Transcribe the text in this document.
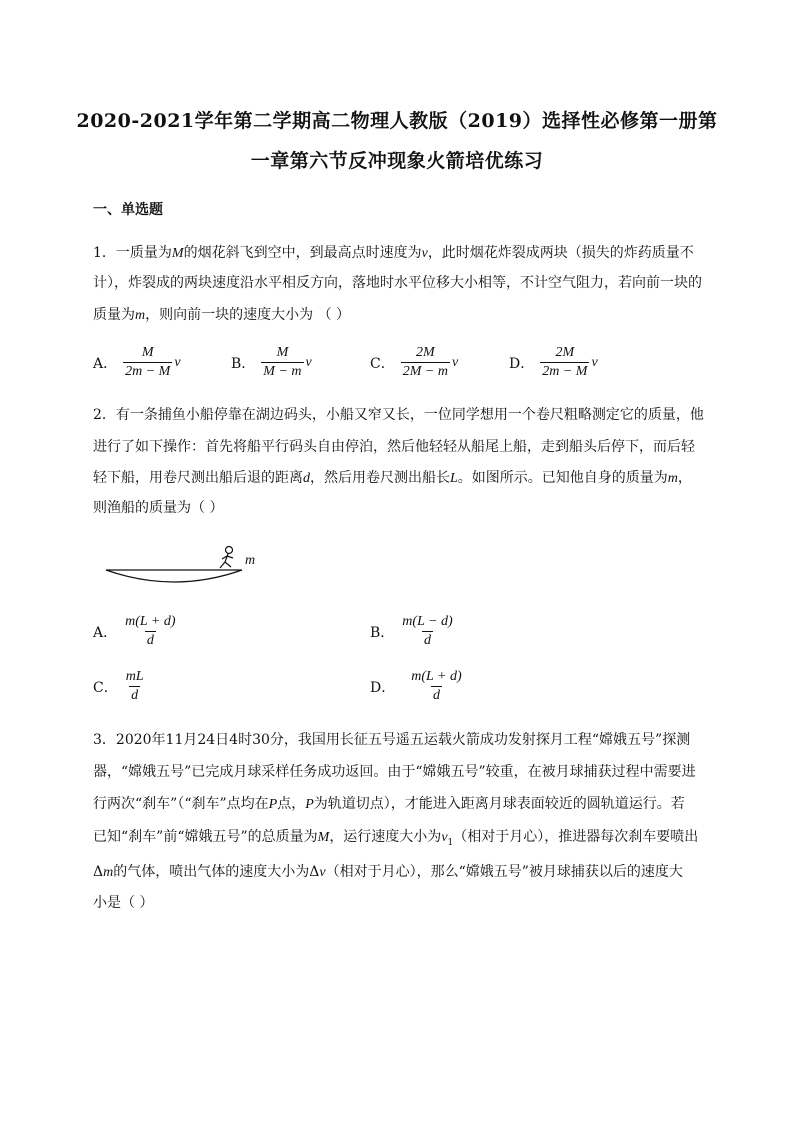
2020-2021学年第二学期高二物理人教版（2019）选择性必修第一册第
一章第六节反冲现象火箭培优练习
一、单选题
1．一质量为M的烟花斜飞到空中，到最高点时速度为v，此时烟花炸裂成两块（损失的炸药质量不
计），炸裂成的两块速度沿水平相反方向，落地时水平位移大小相等，不计空气阻力，若向前一块的
质量为m，则向前一块的速度大小为 （ ）
A． $\frac{M}{2m - M}$ v	B． $\frac{M}{M - m}$ v	C． $\frac{2M}{2M - m}$ v	D． $\frac{2M}{2m - M}$ v
2．有一条捕鱼小船停靠在湖边码头，小船又窄又长，一位同学想用一个卷尺粗略测定它的质量，他
进行了如下操作：首先将船平行码头自由停泊，然后他轻轻从船尾上船，走到船头后停下，而后轻
轻下船，用卷尺测出船后退的距离d，然后用卷尺测出船长L。如图所示。已知他自身的质量为m，
则渔船的质量为（ ）
m
A． $\frac{m(L + d)}{d}$	B． $\frac{m(L - d)}{d}$
C． $\frac{mL}{d}$	D． $\frac{m(L + d)}{d}$
3．2020年11月24日4时30分，我国用长征五号遥五运载火箭成功发射探月工程“嫦娥五号”探测
器，“嫦娥五号”已完成月球采样任务成功返回。由于“嫦娥五号”较重，在被月球捕获过程中需要进
行两次“刹车”（“刹车”点均在P点，P为轨道切点），才能进入距离月球表面较近的圆轨道运行。若
已知“刹车”前“嫦娥五号”的总质量为M，运行速度大小为$v_1$（相对于月心），推进器每次刹车要喷出
Δm的气体，喷出气体的速度大小为Δv（相对于月心），那么“嫦娥五号”被月球捕获以后的速度大
小是（ ）
